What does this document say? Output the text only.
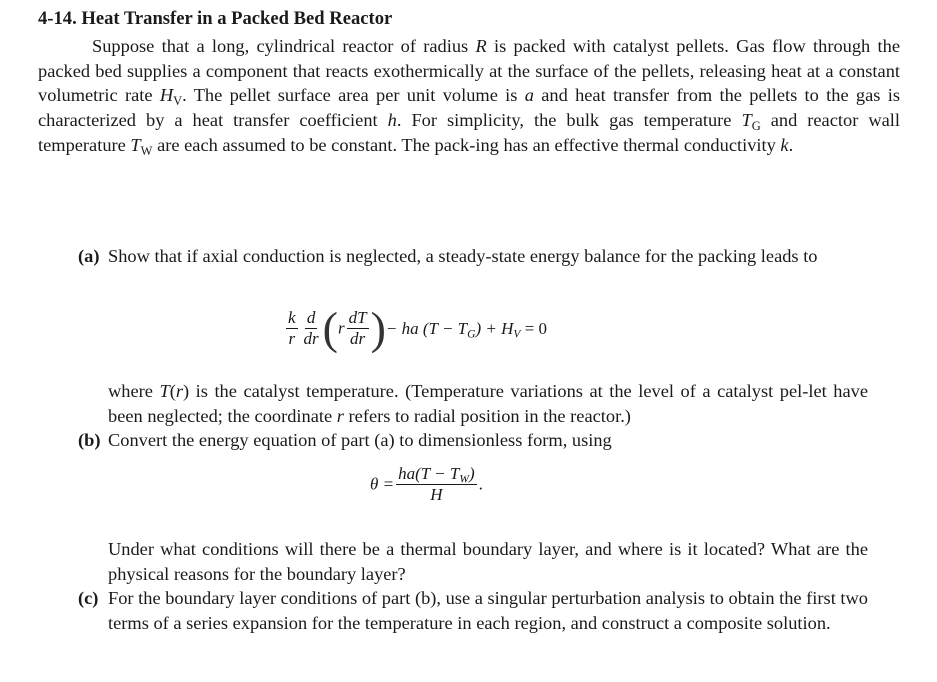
4-14. Heat Transfer in a Packed Bed Reactor
Suppose that a long, cylindrical reactor of radius R is packed with catalyst pellets. Gas flow through the packed bed supplies a component that reacts exothermically at the surface of the pellets, releasing heat at a constant volumetric rate $H_V$. The pellet surface area per unit volume is a and heat transfer from the pellets to the gas is characterized by a heat transfer coefficient h. For simplicity, the bulk gas temperature $T_G$ and reactor wall temperature $T_W$ are each assumed to be constant. The pack-ing has an effective thermal conductivity k.
(a) Show that if axial conduction is neglected, a steady-state energy balance for the packing leads to
$\frac{k}{r} \frac{d}{dr} (r \frac{dT}{dr}$ )− ha $(T - T_G) + H_V = 0$
where T(r) is the catalyst temperature. (Temperature variations at the level of a catalyst pel-let have been neglected; the coordinate r refers to radial position in the reactor.)
(b) Convert the energy equation of part (a) to dimensionless form, using
$\theta = \frac{ha(T - T_W)}{H}$ .
Under what conditions will there be a thermal boundary layer, and where is it located? What are the physical reasons for the boundary layer?
(c) For the boundary layer conditions of part (b), use a singular perturbation analysis to obtain the first two terms of a series expansion for the temperature in each region, and construct a composite solution.
